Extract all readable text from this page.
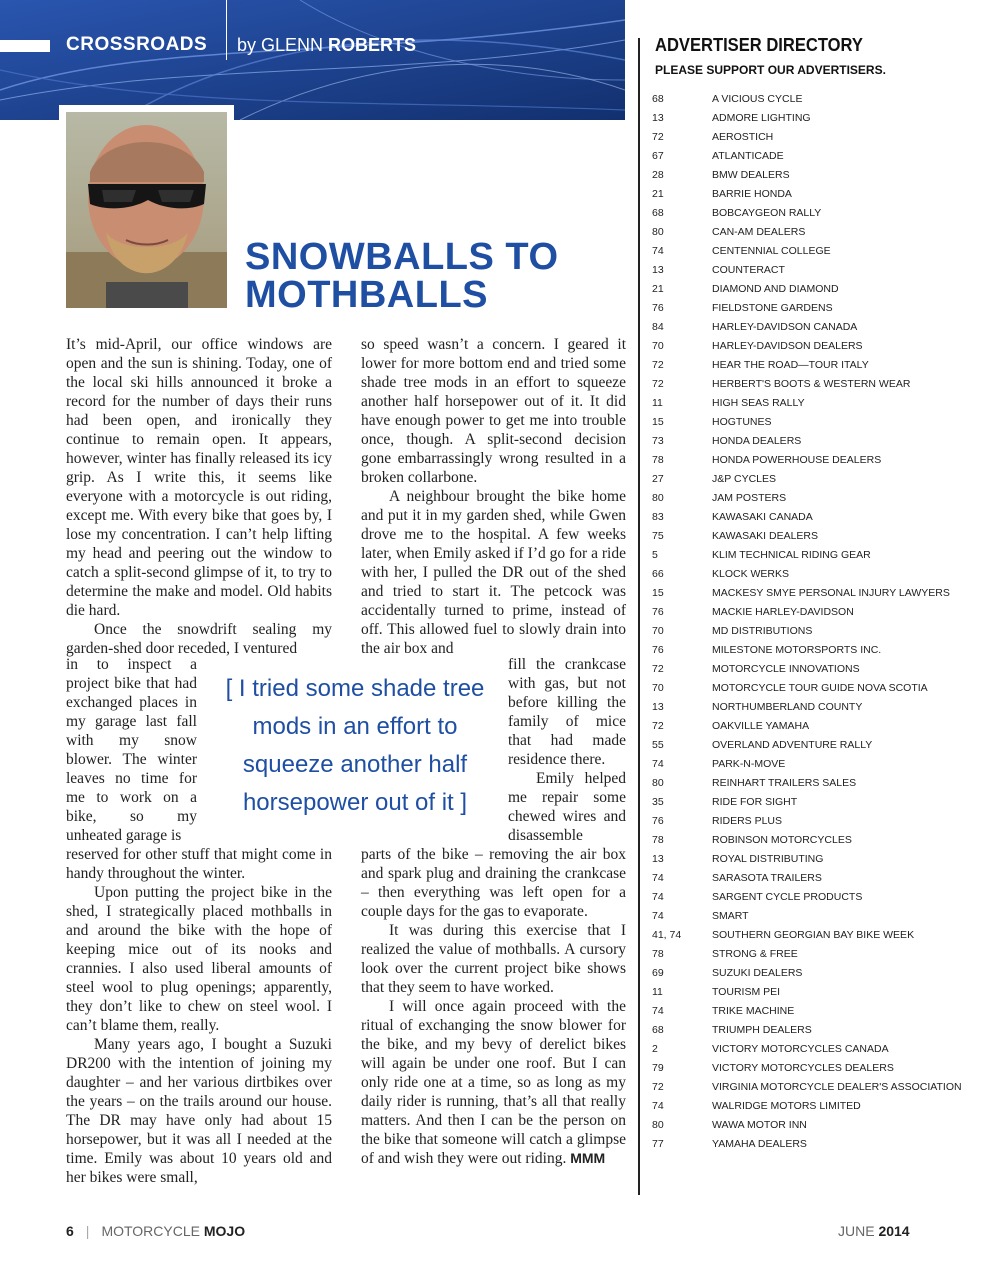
CROSSROADS by GLENN ROBERTS
SNOWBALLS TO MOTHBALLS

It’s mid-April, our office windows are open and the sun is shining. Today, one of the local ski hills announced it broke a record for the number of days their runs had been open, and ironically they continue to remain open. It appears, however, winter has finally released its icy grip. As I write this, it seems like everyone with a motorcycle is out riding, except me. With every bike that goes by, I lose my concentration. I can’t help lifting my head and peering out the window to catch a split-second glimpse of it, to try to determine the make and model. Old habits die hard.

Once the snowdrift sealing my garden-shed door receded, I ventured

in to inspect a project bike that had exchanged places in my garage last fall with my snow blower. The winter leaves no time for me to work on a bike, so my unheated garage is

reserved for other stuff that might come in handy throughout the winter.

Upon putting the project bike in the shed, I strategically placed mothballs in and around the bike with the hope of keeping mice out of its nooks and crannies. I also used liberal amounts of steel wool to plug openings; apparently, they don’t like to chew on steel wool. I can’t blame them, really.

Many years ago, I bought a Suzuki DR200 with the intention of joining my daughter – and her various dirtbikes over the years – on the trails around our house. The DR may have only had about 15 horsepower, but it was all I needed at the time. Emily was about 10 years old and her bikes were small,

so speed wasn’t a concern. I geared it lower for more bottom end and tried some shade tree mods in an effort to squeeze another half horsepower out of it. It did have enough power to get me into trouble once, though. A split-second decision gone embarrassingly wrong resulted in a broken collarbone.

A neighbour brought the bike home and put it in my garden shed, while Gwen drove me to the hospital. A few weeks later, when Emily asked if I’d go for a ride with her, I pulled the DR out of the shed and tried to start it. The petcock was accidentally turned to prime, instead of off. This allowed fuel to slowly drain into the air box and

fill the crankcase with gas, but not before killing the family of mice that had made residence there.

Emily helped me repair some chewed wires and disassemble

parts of the bike – removing the air box and spark plug and draining the crankcase – then everything was left open for a couple days for the gas to evaporate.

It was during this exercise that I realized the value of mothballs. A cursory look over the current project bike shows that they seem to have worked.

I will once again proceed with the ritual of exchanging the snow blower for the bike, and my bevy of derelict bikes will again be under one roof. But I can only ride one at a time, so as long as my daily rider is running, that’s all that really matters. And then I can be the person on the bike that someone will catch a glimpse of and wish they were out riding. MMM

[ I tried some shade tree mods in an effort to squeeze another half horsepower out of it ]

ADVERTISER DIRECTORY

PLEASE SUPPORT OUR ADVERTISERS.

68	A VICIOUS CYCLE
13	ADMORE LIGHTING
72	AEROSTICH
67	ATLANTICADE
28	BMW DEALERS
21	BARRIE HONDA
68	BOBCAYGEON RALLY
80	CAN-AM DEALERS
74	CENTENNIAL COLLEGE
13	COUNTERACT
21	DIAMOND AND DIAMOND
76	FIELDSTONE GARDENS
84	HARLEY-DAVIDSON CANADA
70	HARLEY-DAVIDSON DEALERS
72	HEAR THE ROAD—TOUR ITALY
72	HERBERT'S BOOTS & WESTERN WEAR
11	HIGH SEAS RALLY
15	HOGTUNES
73	HONDA DEALERS
78	HONDA POWERHOUSE DEALERS
27	J&P CYCLES
80	JAM POSTERS
83	KAWASAKI CANADA
75	KAWASAKI DEALERS
5	KLIM TECHNICAL RIDING GEAR
66	KLOCK WERKS
15	MACKESY SMYE PERSONAL INJURY LAWYERS
76	MACKIE HARLEY-DAVIDSON
70	MD DISTRIBUTIONS
76	MILESTONE MOTORSPORTS INC.
72	MOTORCYCLE INNOVATIONS
70	MOTORCYCLE TOUR GUIDE NOVA SCOTIA
13	NORTHUMBERLAND COUNTY
72	OAKVILLE YAMAHA
55	OVERLAND ADVENTURE RALLY
74	PARK-N-MOVE
80	REINHART TRAILERS SALES
35	RIDE FOR SIGHT
76	RIDERS PLUS
78	ROBINSON MOTORCYCLES
13	ROYAL DISTRIBUTING
74	SARASOTA TRAILERS
74	SARGENT CYCLE PRODUCTS
74	SMART
41, 74	SOUTHERN GEORGIAN BAY BIKE WEEK
78	STRONG & FREE
69	SUZUKI DEALERS
11	TOURISM PEI
74	TRIKE MACHINE
68	TRIUMPH DEALERS
2	VICTORY MOTORCYCLES CANADA
79	VICTORY MOTORCYCLES DEALERS
72	VIRGINIA MOTORCYCLE DEALER'S ASSOCIATION
74	WALRIDGE MOTORS LIMITED
80	WAWA MOTOR INN
77	YAMAHA DEALERS
6 | MOTORCYCLE MOJO	JUNE 2014
